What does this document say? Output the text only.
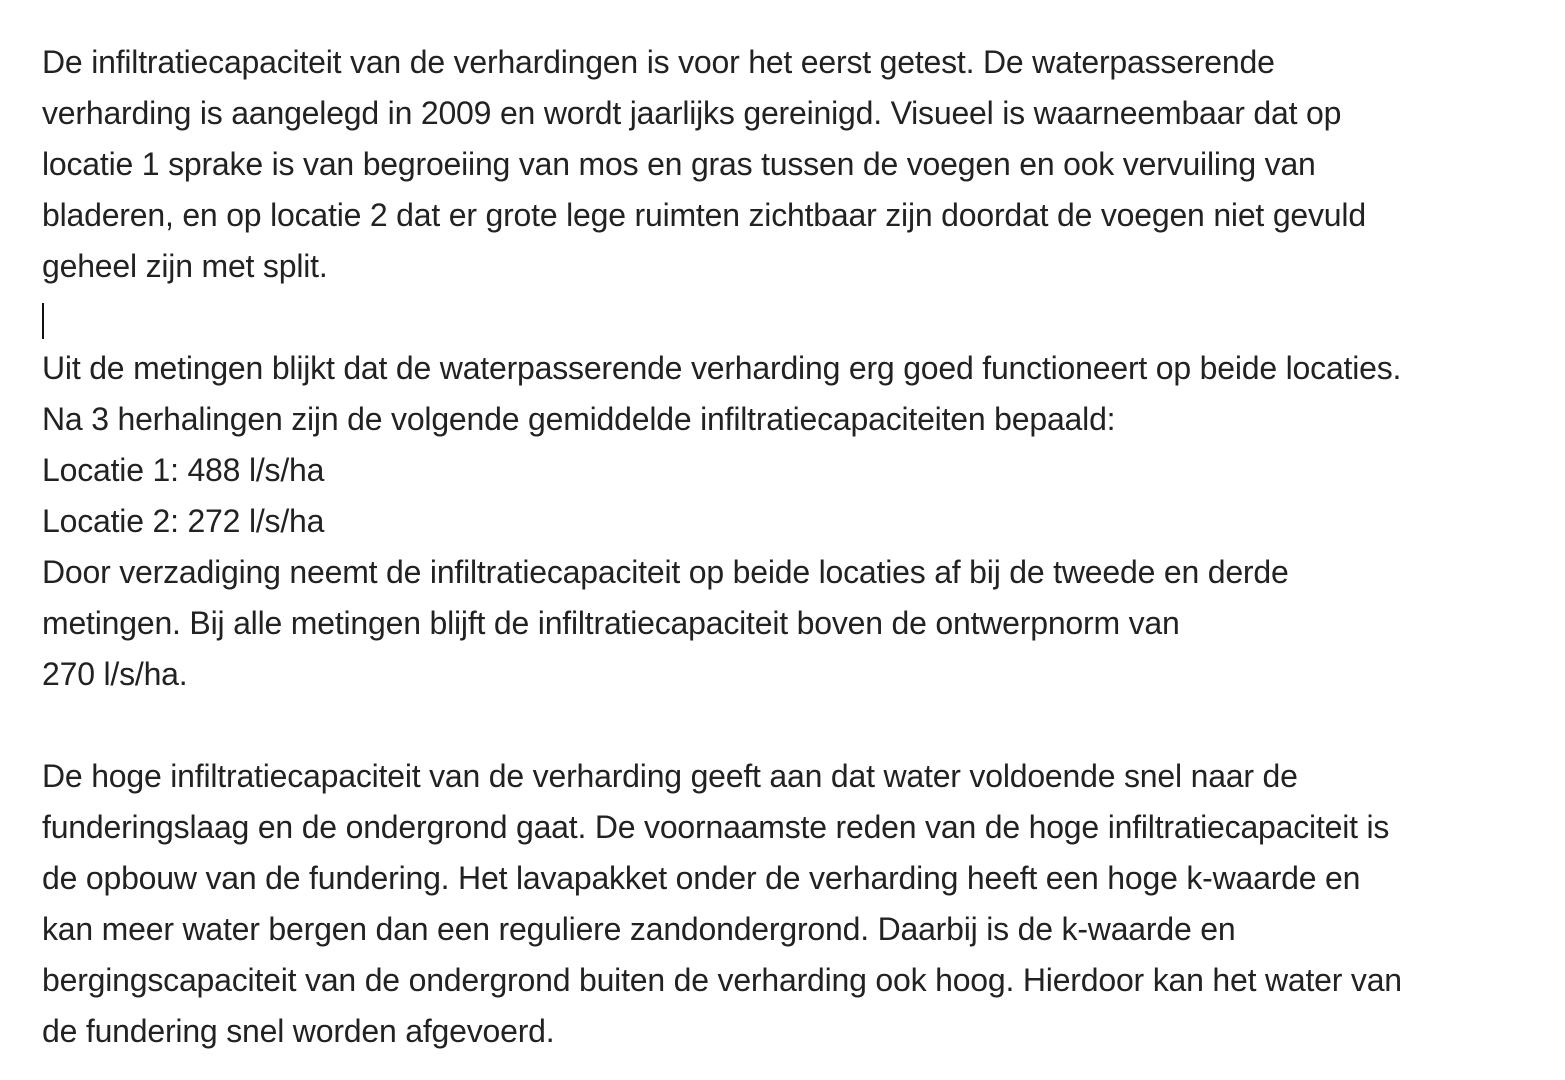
De infiltratiecapaciteit van de verhardingen is voor het eerst getest. De waterpasserende
verharding is aangelegd in 2009 en wordt jaarlijks gereinigd. Visueel is waarneembaar dat op
locatie 1 sprake is van begroeiing van mos en gras tussen de voegen en ook vervuiling van
bladeren, en op locatie 2 dat er grote lege ruimten zichtbaar zijn doordat de voegen niet gevuld
geheel zijn met split.
Uit de metingen blijkt dat de waterpasserende verharding erg goed functioneert op beide locaties.
Na 3 herhalingen zijn de volgende gemiddelde infiltratiecapaciteiten bepaald:
Locatie 1: 488 l/s/ha
Locatie 2: 272 l/s/ha
Door verzadiging neemt de infiltratiecapaciteit op beide locaties af bij de tweede en derde
metingen. Bij alle metingen blijft de infiltratiecapaciteit boven de ontwerpnorm van
270 l/s/ha.
De hoge infiltratiecapaciteit van de verharding geeft aan dat water voldoende snel naar de
funderingslaag en de ondergrond gaat. De voornaamste reden van de hoge infiltratiecapaciteit is
de opbouw van de fundering. Het lavapakket onder de verharding heeft een hoge k-waarde en
kan meer water bergen dan een reguliere zandondergrond. Daarbij is de k-waarde en
bergingscapaciteit van de ondergrond buiten de verharding ook hoog. Hierdoor kan het water van
de fundering snel worden afgevoerd.
